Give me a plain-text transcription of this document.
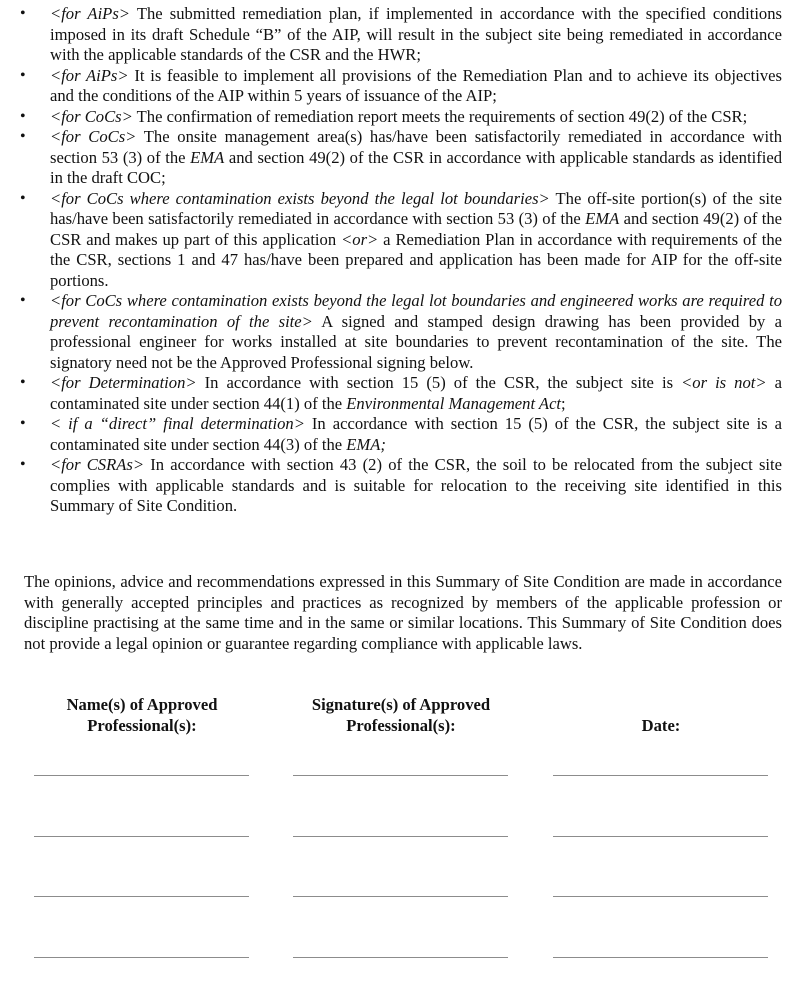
•
<for AiPs> The submitted remediation plan, if implemented in accordance with the specified conditions imposed in its draft Schedule “B” of the AIP, will result in the subject site being remediated in accordance with the applicable standards of the CSR and the HWR;
•
<for AiPs> It is feasible to implement all provisions of the Remediation Plan and to achieve its objectives and the conditions of the AIP within 5 years of issuance of the AIP;
•
<for CoCs> The confirmation of remediation report meets the requirements of section 49(2) of the CSR;
•
<for CoCs> The onsite management area(s) has/have been satisfactorily remediated in accordance with section 53 (3) of the EMA and section 49(2) of the CSR in accordance with applicable standards as identified in the draft COC;
•
<for CoCs where contamination exists beyond the legal lot boundaries> The off-site portion(s) of the site has/have been satisfactorily remediated in accordance with section 53 (3) of the EMA and section 49(2) of the CSR and makes up part of this application <or> a Remediation Plan in accordance with requirements of the the CSR, sections 1 and 47 has/have been prepared and application has been made for AIP for the off-site portions.
•
<for CoCs where contamination exists beyond the legal lot boundaries and engineered works are required to prevent recontamination of the site> A signed and stamped design drawing has been provided by a professional engineer for works installed at site boundaries to prevent recontamination of the site. The signatory need not be the Approved Professional signing below.
•
<for Determination> In accordance with section 15 (5) of the CSR, the subject site is <or is not> a contaminated site under section 44(1) of the Environmental Management Act;
•
< if a “direct” final determination> In accordance with section 15 (5) of the CSR, the subject site is a contaminated site under section 44(3) of the EMA;
•
<for CSRAs> In accordance with section 43 (2) of the CSR, the soil to be relocated from the subject site complies with applicable standards and is suitable for relocation to the receiving site identified in this Summary of Site Condition.

The opinions, advice and recommendations expressed in this Summary of Site Condition are made in accordance with generally accepted principles and practices as recognized by members of the applicable profession or discipline practising at the same time and in the same or similar locations. This Summary of Site Condition does not provide a legal opinion or guarantee regarding compliance with applicable laws.

Name(s) of Approved
Professional(s):
Signature(s) of Approved
Professional(s):	Date:
